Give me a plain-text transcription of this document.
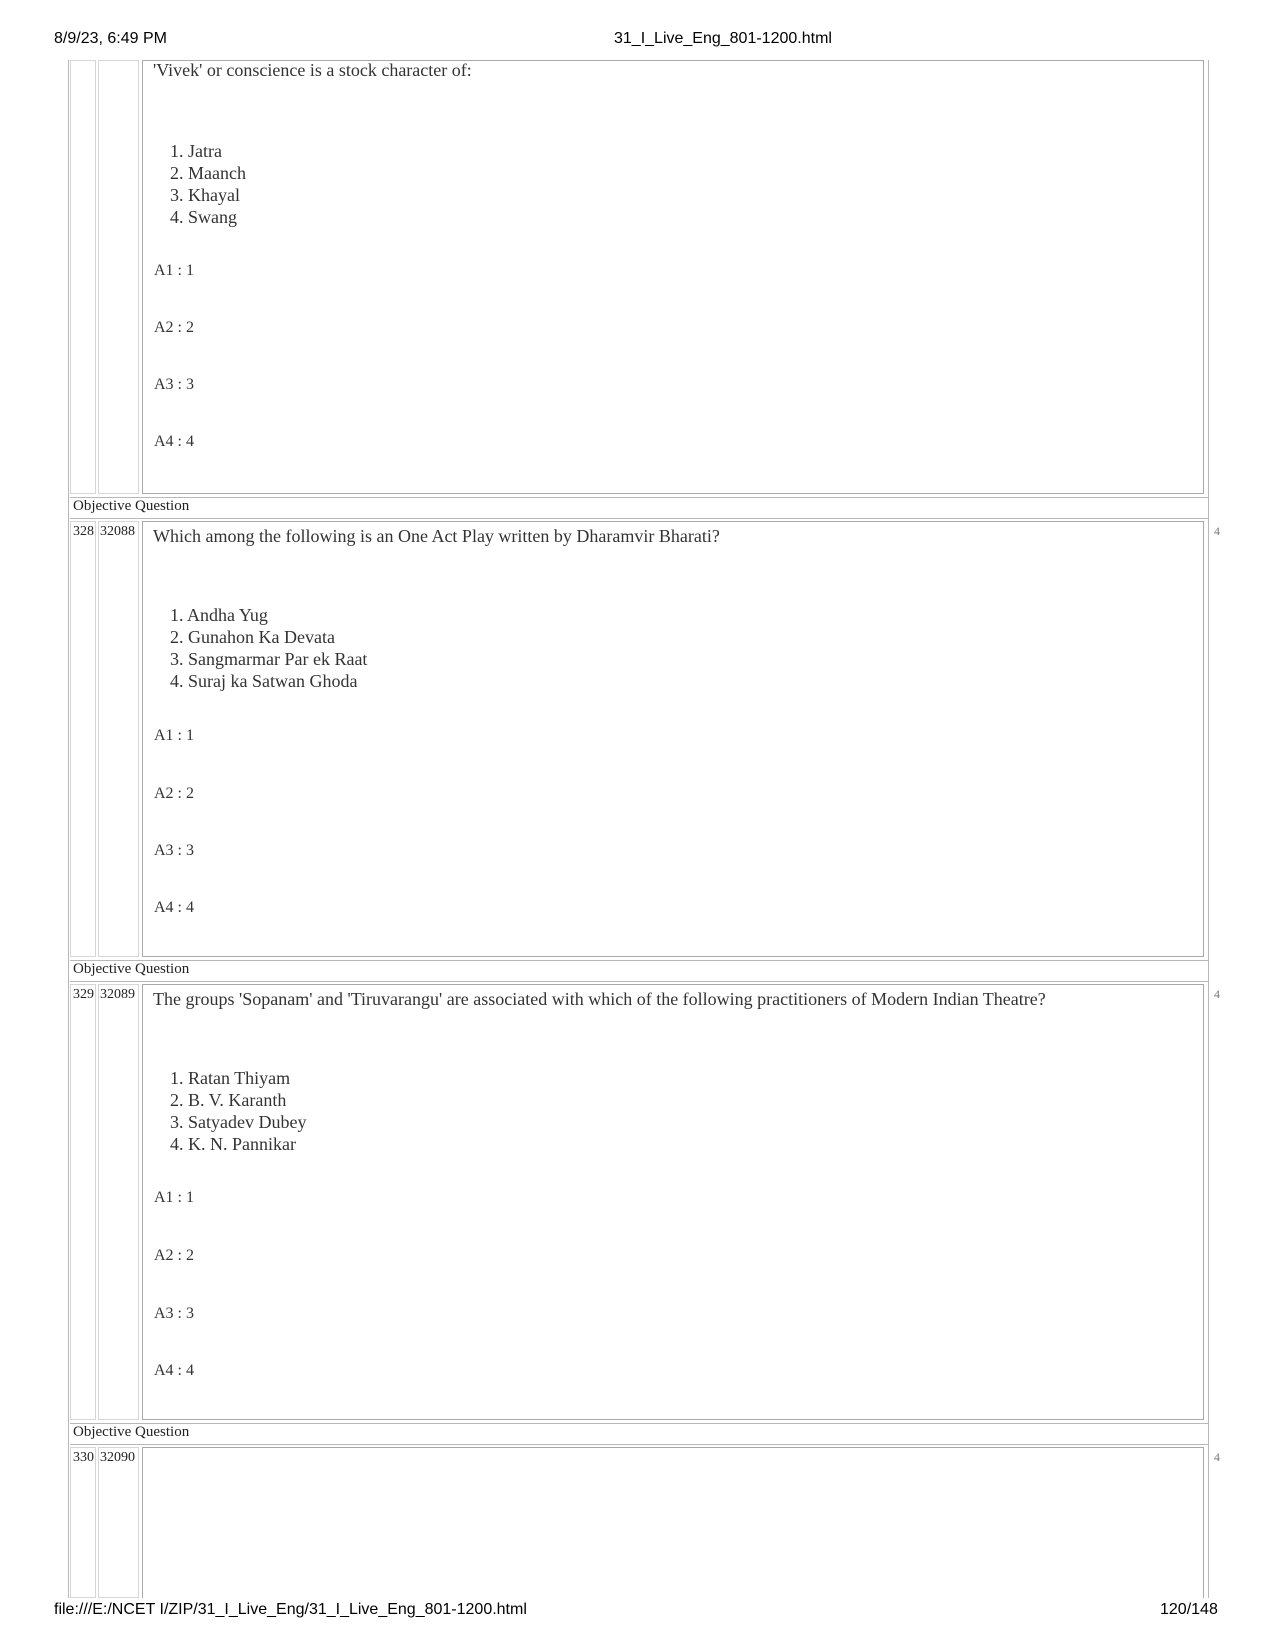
8/9/23, 6:49 PM	31_I_Live_Eng_801-1200.html
file:///E:/NCET I/ZIP/31_I_Live_Eng/31_I_Live_Eng_801-1200.html	120/148
'Vivek' or conscience is a stock character of:
1. Jatra
2. Maanch
3. Khayal
4. Swang
A1 : 1
A2 : 2
A3 : 3
A4 : 4
Objective Question
328 32088	4
Which among the following is an One Act Play written by Dharamvir Bharati?
1. Andha Yug
2. Gunahon Ka Devata
3. Sangmarmar Par ek Raat
4. Suraj ka Satwan Ghoda
A1 : 1
A2 : 2
A3 : 3
A4 : 4
Objective Question
329 32089	4
The groups 'Sopanam' and 'Tiruvarangu' are associated with which of the following practitioners of Modern Indian Theatre?
1. Ratan Thiyam
2. B. V. Karanth
3. Satyadev Dubey
4. K. N. Pannikar
A1 : 1
A2 : 2
A3 : 3
A4 : 4
Objective Question
330 32090	4
